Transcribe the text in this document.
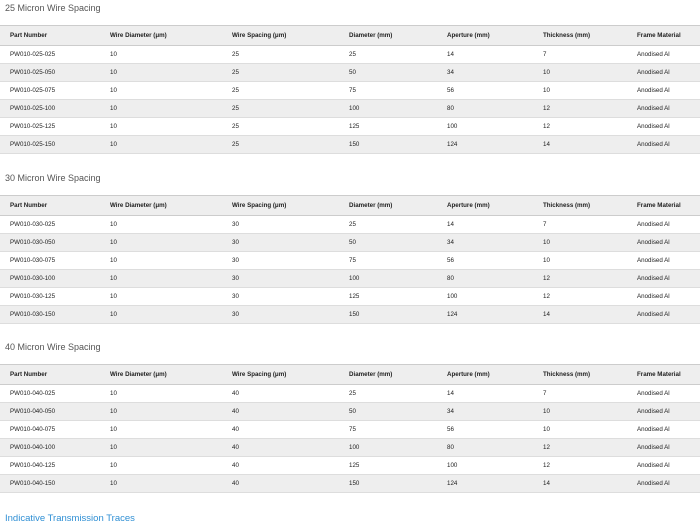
25 Micron Wire Spacing
Part Number	Wire Diameter (μm)	Wire Spacing (μm)	Diameter (mm)	Aperture (mm)	Thickness (mm)	Frame Material
PW010-025-025	10	25	25	14	7	Anodised Al
PW010-025-050	10	25	50	34	10	Anodised Al
PW010-025-075	10	25	75	56	10	Anodised Al
PW010-025-100	10	25	100	80	12	Anodised Al
PW010-025-125	10	25	125	100	12	Anodised Al
PW010-025-150	10	25	150	124	14	Anodised Al
30 Micron Wire Spacing
Part Number	Wire Diameter (μm)	Wire Spacing (μm)	Diameter (mm)	Aperture (mm)	Thickness (mm)	Frame Material
PW010-030-025	10	30	25	14	7	Anodised Al
PW010-030-050	10	30	50	34	10	Anodised Al
PW010-030-075	10	30	75	56	10	Anodised Al
PW010-030-100	10	30	100	80	12	Anodised Al
PW010-030-125	10	30	125	100	12	Anodised Al
PW010-030-150	10	30	150	124	14	Anodised Al
40 Micron Wire Spacing
Part Number	Wire Diameter (μm)	Wire Spacing (μm)	Diameter (mm)	Aperture (mm)	Thickness (mm)	Frame Material
PW010-040-025	10	40	25	14	7	Anodised Al
PW010-040-050	10	40	50	34	10	Anodised Al
PW010-040-075	10	40	75	56	10	Anodised Al
PW010-040-100	10	40	100	80	12	Anodised Al
PW010-040-125	10	40	125	100	12	Anodised Al
PW010-040-150	10	40	150	124	14	Anodised Al
Indicative Transmission Traces
